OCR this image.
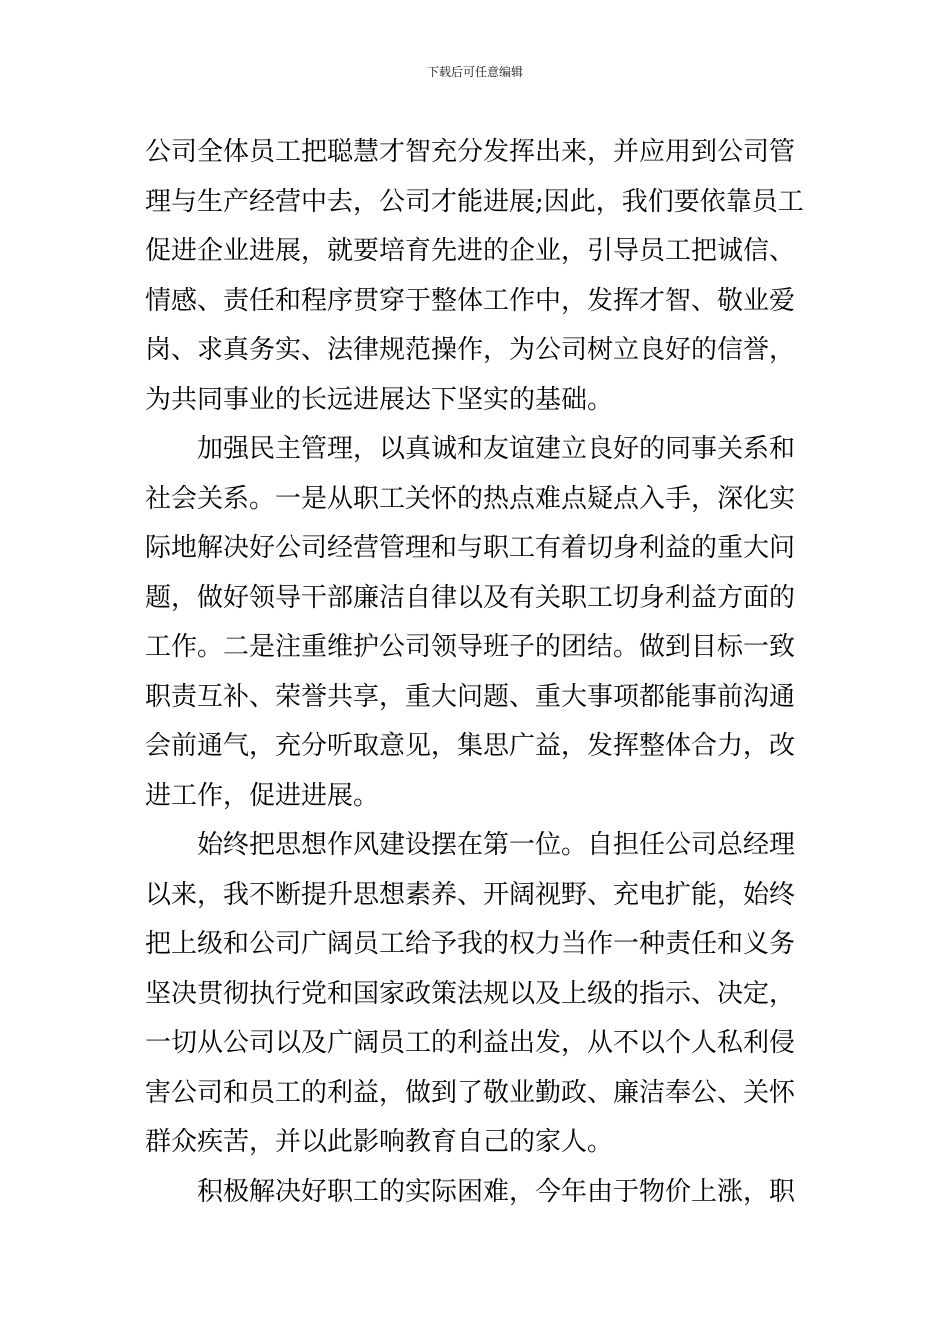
下载后可任意编辑
公司全体员工把聪慧才智充分发挥出来，并应用到公司管
理与生产经营中去，公司才能进展;因此，我们要依靠员工
促进企业进展，就要培育先进的企业，引导员工把诚信、
情感、责任和程序贯穿于整体工作中，发挥才智、敬业爱
岗、求真务实、法律规范操作，为公司树立良好的信誉，
为共同事业的长远进展达下坚实的基础。
　　加强民主管理，以真诚和友谊建立良好的同事关系和
社会关系。一是从职工关怀的热点难点疑点入手，深化实
际地解决好公司经营管理和与职工有着切身利益的重大问
题，做好领导干部廉洁自律以及有关职工切身利益方面的
工作。二是注重维护公司领导班子的团结。做到目标一致
职责互补、荣誉共享，重大问题、重大事项都能事前沟通
会前通气，充分听取意见，集思广益，发挥整体合力，改
进工作，促进进展。
　　始终把思想作风建设摆在第一位。自担任公司总经理
以来，我不断提升思想素养、开阔视野、充电扩能，始终
把上级和公司广阔员工给予我的权力当作一种责任和义务
坚决贯彻执行党和国家政策法规以及上级的指示、决定，
一切从公司以及广阔员工的利益出发，从不以个人私利侵
害公司和员工的利益，做到了敬业勤政、廉洁奉公、关怀
群众疾苦，并以此影响教育自己的家人。
　　积极解决好职工的实际困难，今年由于物价上涨，职
